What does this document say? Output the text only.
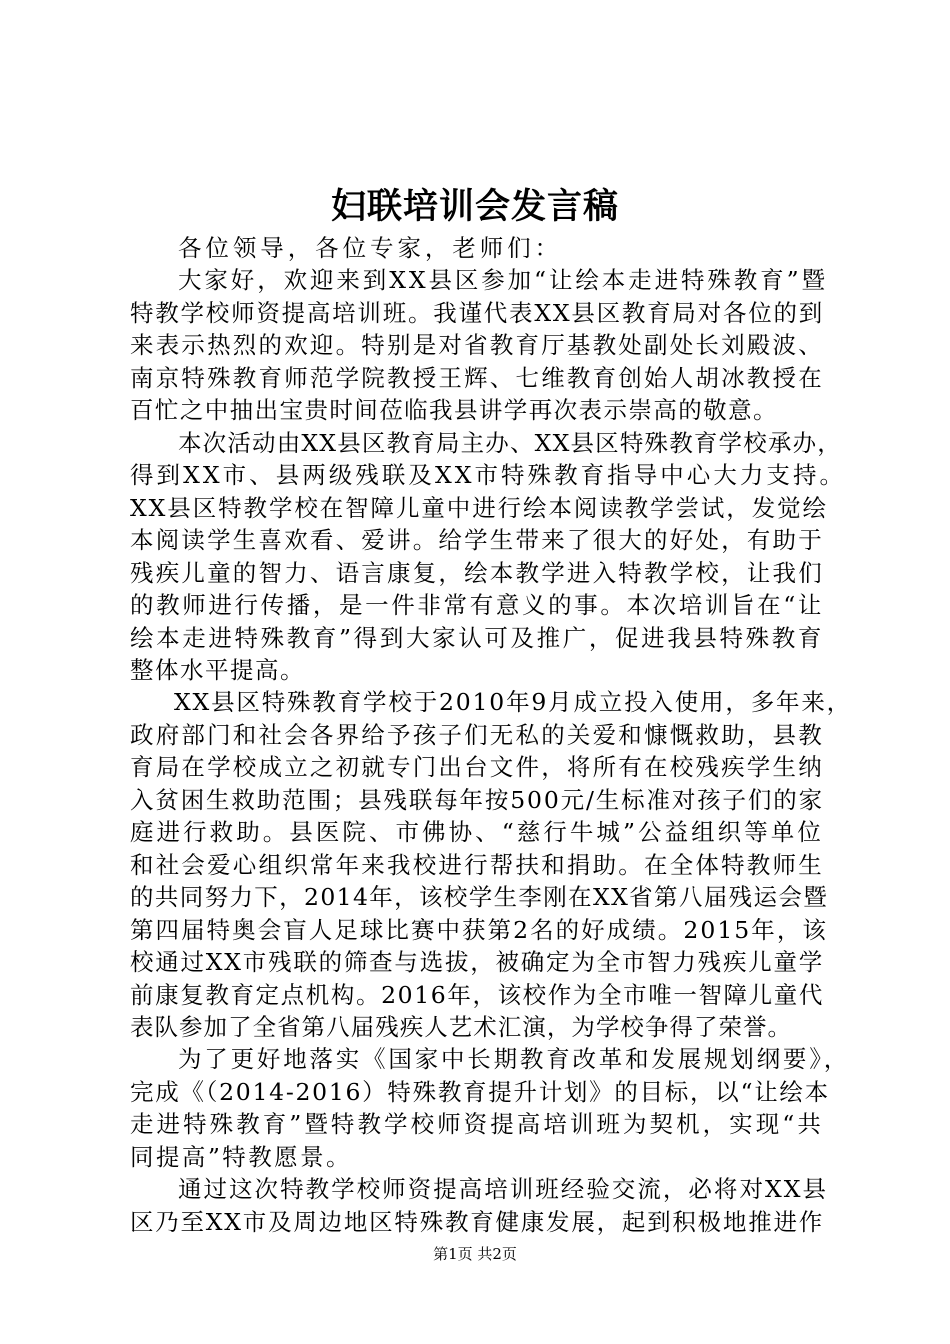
妇联培训会发言稿
各位领导，各位专家，老师们：
大家好，欢迎来到XX县区参加“让绘本走进特殊教育”暨
特教学校师资提高培训班。我谨代表XX县区教育局对各位的到
来表示热烈的欢迎。特别是对省教育厅基教处副处长刘殿波、
南京特殊教育师范学院教授王辉、七维教育创始人胡冰教授在
百忙之中抽出宝贵时间莅临我县讲学再次表示崇高的敬意。
本次活动由XX县区教育局主办、XX县区特殊教育学校承办，
得到XX市、县两级残联及XX市特殊教育指导中心大力支持。
XX县区特教学校在智障儿童中进行绘本阅读教学尝试，发觉绘
本阅读学生喜欢看、爱讲。给学生带来了很大的好处，有助于
残疾儿童的智力、语言康复，绘本教学进入特教学校，让我们
的教师进行传播，是一件非常有意义的事。本次培训旨在“让
绘本走进特殊教育”得到大家认可及推广，促进我县特殊教育
整体水平提高。
XX县区特殊教育学校于2010年9月成立投入使用，多年来，
政府部门和社会各界给予孩子们无私的关爱和慷慨救助，县教
育局在学校成立之初就专门出台文件，将所有在校残疾学生纳
入贫困生救助范围；县残联每年按500元/生标准对孩子们的家
庭进行救助。县医院、市佛协、“慈行牛城”公益组织等单位
和社会爱心组织常年来我校进行帮扶和捐助。在全体特教师生
的共同努力下，2014年，该校学生李刚在XX省第八届残运会暨
第四届特奥会盲人足球比赛中获第2名的好成绩。2015年，该
校通过XX市残联的筛查与选拔，被确定为全市智力残疾儿童学
前康复教育定点机构。2016年，该校作为全市唯一智障儿童代
表队参加了全省第八届残疾人艺术汇演，为学校争得了荣誉。
为了更好地落实《国家中长期教育改革和发展规划纲要》，
完成《（2014-2016）特殊教育提升计划》的目标，以“让绘本
走进特殊教育”暨特教学校师资提高培训班为契机，实现“共
同提高”特教愿景。
通过这次特教学校师资提高培训班经验交流，必将对XX县
区乃至XX市及周边地区特殊教育健康发展，起到积极地推进作
第1页 共2页
